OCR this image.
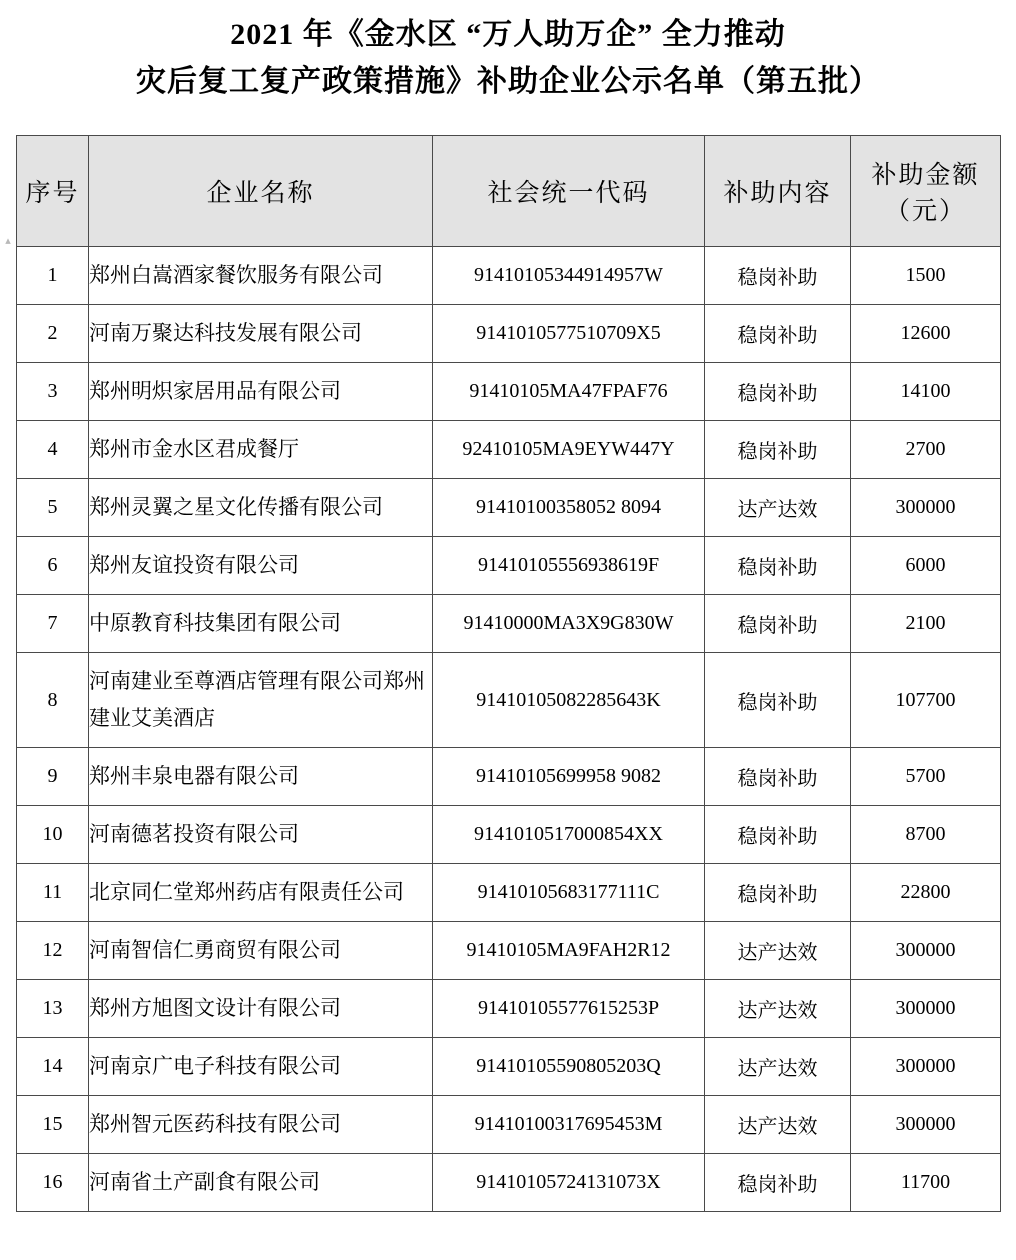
▴
2021 年《金水区 “万人助万企” 全力推动
灾后复工复产政策措施》补助企业公示名单（第五批）
序号	企业名称	社会统一代码	补助内容	补助金额
（元）

1	郑州白嵩酒家餐饮服务有限公司	91410105344914957W	稳岗补助	1500
2	河南万聚达科技发展有限公司	9141010577510709X5	稳岗补助	12600
3	郑州明炽家居用品有限公司	91410105MA47FPAF76	稳岗补助	14100
4	郑州市金水区君成餐厅	92410105MA9EYW447Y	稳岗补助	2700
5	郑州灵翼之星文化传播有限公司	91410100358052 8094	达产达效	300000
6	郑州友谊投资有限公司	91410105556938619F	稳岗补助	6000
7	中原教育科技集团有限公司	91410000MA3X9G830W	稳岗补助	2100
8	河南建业至尊酒店管理有限公司郑州建业艾美酒店	91410105082285643K	稳岗补助	107700
9	郑州丰泉电器有限公司	91410105699958 9082	稳岗补助	5700
10	河南德茗投资有限公司	9141010517000854XX	稳岗补助	8700
11	北京同仁堂郑州药店有限责任公司	91410105683177111C	稳岗补助	22800
12	河南智信仁勇商贸有限公司	91410105MA9FAH2R12	达产达效	300000
13	郑州方旭图文设计有限公司	91410105577615253P	达产达效	300000
14	河南京广电子科技有限公司	91410105590805203Q	达产达效	300000
15	郑州智元医药科技有限公司	91410100317695453M	达产达效	300000
16	河南省土产副食有限公司	91410105724131073X	稳岗补助	11700
